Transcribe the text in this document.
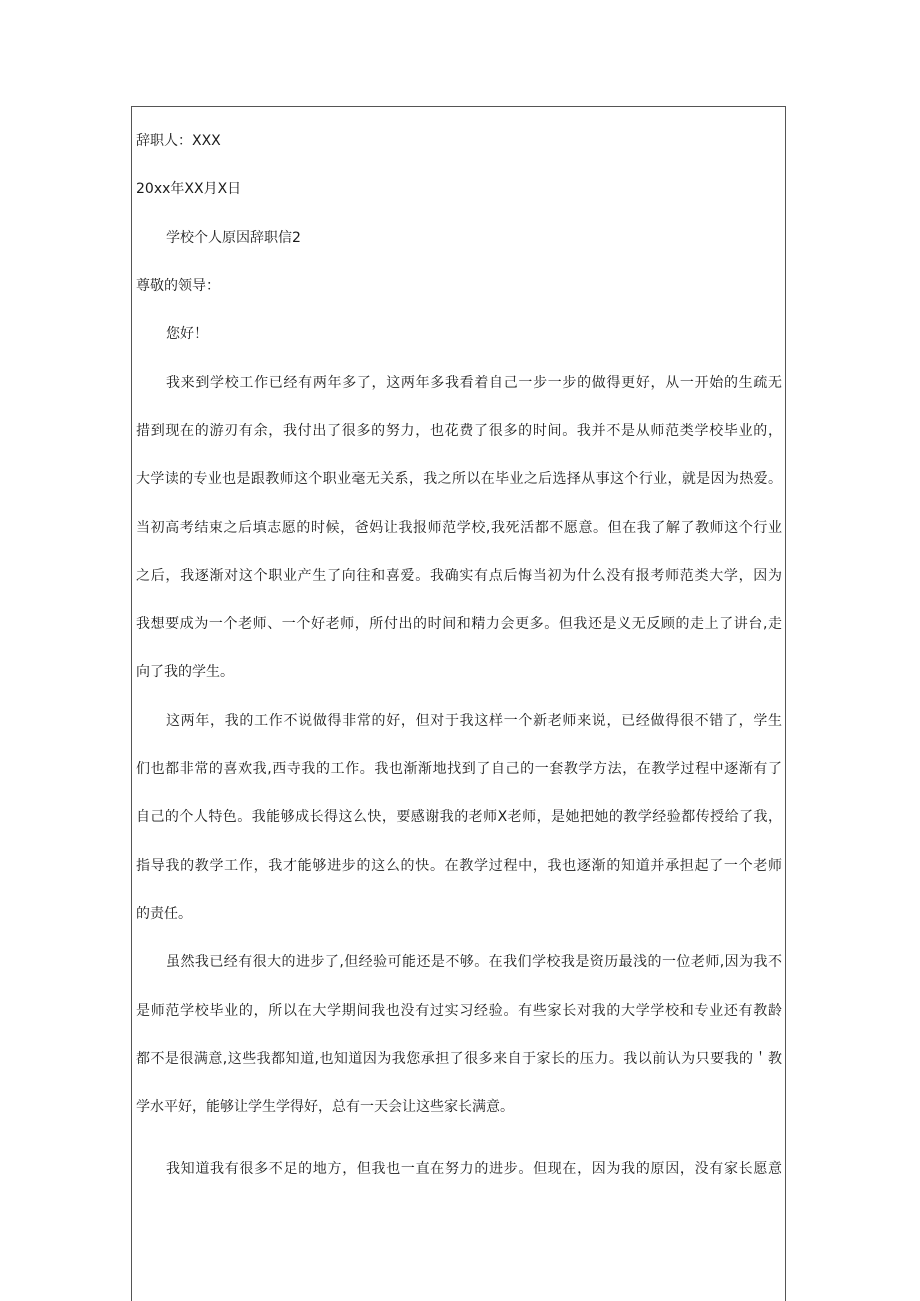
辞职人：XXX
20xx年XX月X日
学校个人原因辞职信2
尊敬的领导：
您好！
我来到学校工作已经有两年多了，这两年多我看着自己一步一步的做得更好，从一开始的生疏无
措到现在的游刃有余，我付出了很多的努力，也花费了很多的时间。我并不是从师范类学校毕业的，
大学读的专业也是跟教师这个职业毫无关系，我之所以在毕业之后选择从事这个行业，就是因为热爱。
当初高考结束之后填志愿的时候，爸妈让我报师范学校,我死活都不愿意。但在我了解了教师这个行业
之后，我逐渐对这个职业产生了向往和喜爱。我确实有点后悔当初为什么没有报考师范类大学，因为
我想要成为一个老师、一个好老师，所付出的时间和精力会更多。但我还是义无反顾的走上了讲台,走
向了我的学生。
这两年，我的工作不说做得非常的好，但对于我这样一个新老师来说，已经做得很不错了，学生
们也都非常的喜欢我,西寺我的工作。我也渐渐地找到了自己的一套教学方法，在教学过程中逐渐有了
自己的个人特色。我能够成长得这么快，要感谢我的老师X老师，是她把她的教学经验都传授给了我，
指导我的教学工作，我才能够进步的这么的快。在教学过程中，我也逐渐的知道并承担起了一个老师
的责任。
虽然我已经有很大的进步了,但经验可能还是不够。在我们学校我是资历最浅的一位老师,因为我不
是师范学校毕业的，所以在大学期间我也没有过实习经验。有些家长对我的大学学校和专业还有教龄
都不是很满意,这些我都知道,也知道因为我您承担了很多来自于家长的压力。我以前认为只要我的＇教
学水平好，能够让学生学得好，总有一天会让这些家长满意。
我知道我有很多不足的地方，但我也一直在努力的进步。但现在，因为我的原因，没有家长愿意
